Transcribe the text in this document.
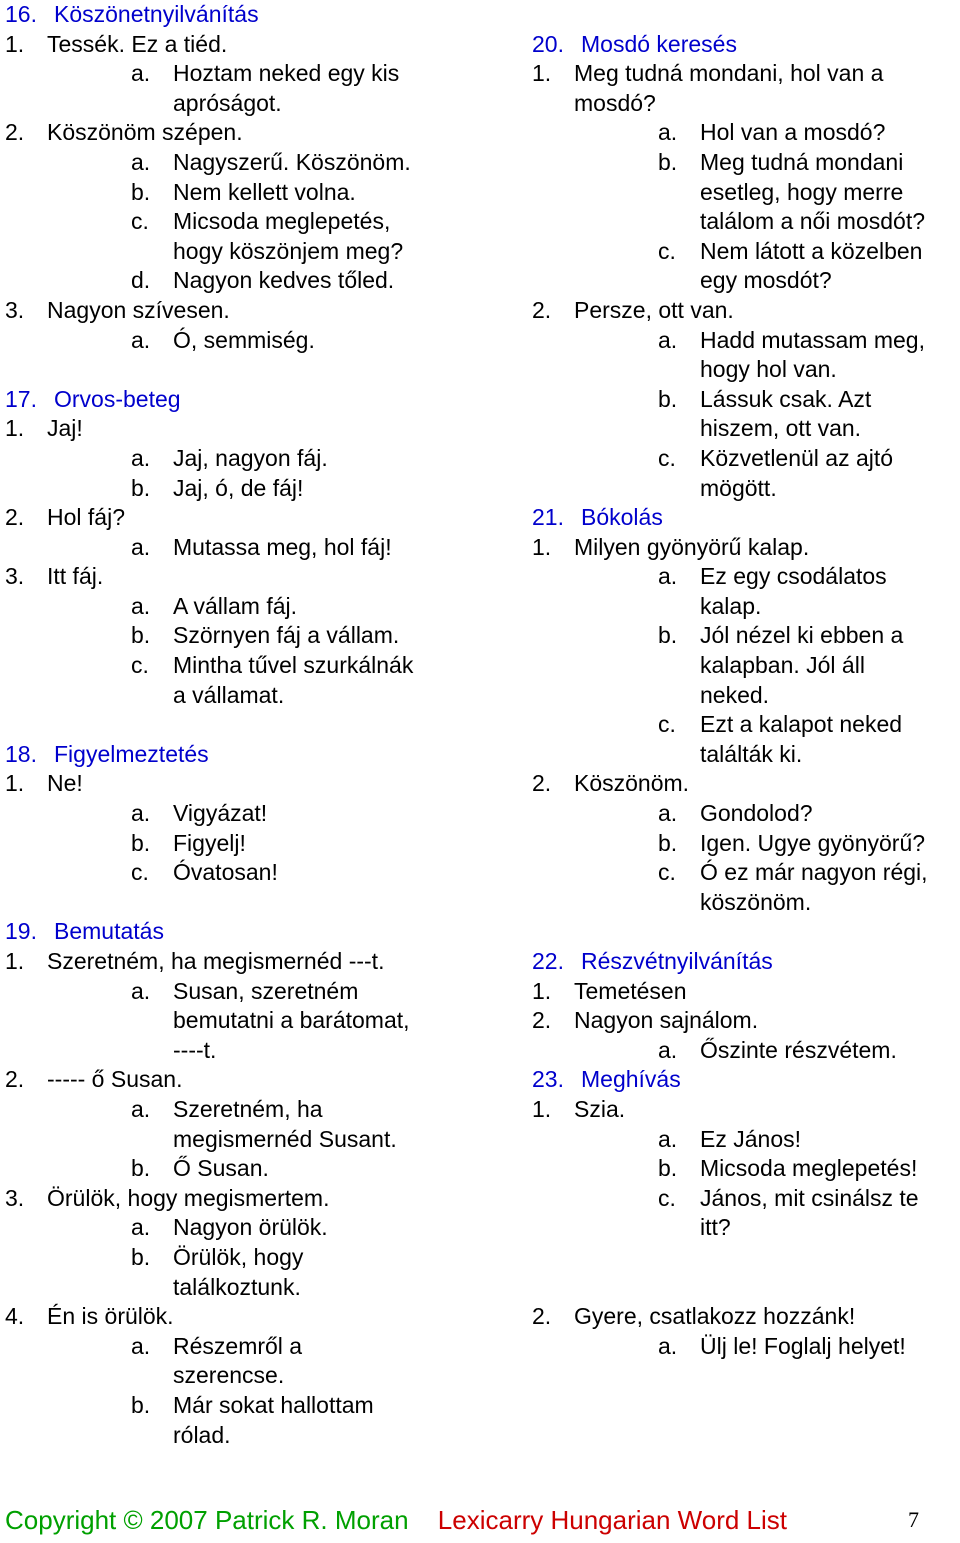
16. Köszönetnyilvánítás
1. Tessék. Ez a tiéd.
a. Hoztam neked egy kis
apróságot.
2. Köszönöm szépen.
a. Nagyszerű. Köszönöm.
b. Nem kellett volna.
c.	Micsoda meglepetés,
hogy köszönjem meg?
d. Nagyon kedves tőled.
3. Nagyon szívesen.
a. Ó, semmiség.
17. Orvos-beteg
1. Jaj!
a. Jaj, nagyon fáj.
b. Jaj, ó, de fáj!
2. Hol fáj?
a. Mutassa meg, hol fáj!
3. Itt fáj.
a. A vállam fáj.
b. Szörnyen fáj a vállam.
c.	Mintha tűvel szurkálnák
a vállamat.
18. Figyelmeztetés
1. Ne!
a. Vigyázat!
b. Figyelj!
c.	Óvatosan!
19. Bemutatás
1. Szeretném, ha megismernéd ---t.
a. Susan, szeretném
bemutatni a barátomat,
----t.
2. ----- ő Susan.
a. Szeretném, ha
megismernéd Susant.
b. Ő Susan.
3. Örülök, hogy megismertem.
a. Nagyon örülök.
b. Örülök, hogy
találkoztunk.
4. Én is örülök.
a. Részemről a
szerencse.
b. Már sokat hallottam
rólad.
20. Mosdó keresés
1. Meg tudná mondani, hol van a
mosdó?
a. Hol van a mosdó?
b. Meg tudná mondani
esetleg, hogy merre
találom a női mosdót?
c.	Nem látott a közelben
egy mosdót?
2. Persze, ott van.
a. Hadd mutassam meg,
hogy hol van.
b. Lássuk csak. Azt
hiszem, ott van.
c.	Közvetlenül az ajtó
mögött.
21. Bókolás
1. Milyen gyönyörű kalap.
a. Ez egy csodálatos
kalap.
b. Jól nézel ki ebben a
kalapban. Jól áll
neked.
c.	Ezt a kalapot neked
találták ki.
2. Köszönöm.
a. Gondolod?
b. Igen. Ugye gyönyörű?
c.	Ó ez már nagyon régi,
köszönöm.
22. Részvétnyilvánítás
1. Temetésen
2. Nagyon sajnálom.
a. Őszinte részvétem.
23. Meghívás
1. Szia.
a. Ez János!
b. Micsoda meglepetés!
c.	János, mit csinálsz te
itt?
2. Gyere, csatlakozz hozzánk!
a. Ülj le! Foglalj helyet!
Copyright © 2007 Patrick R. Moran Lexicarry Hungarian Word List	7
